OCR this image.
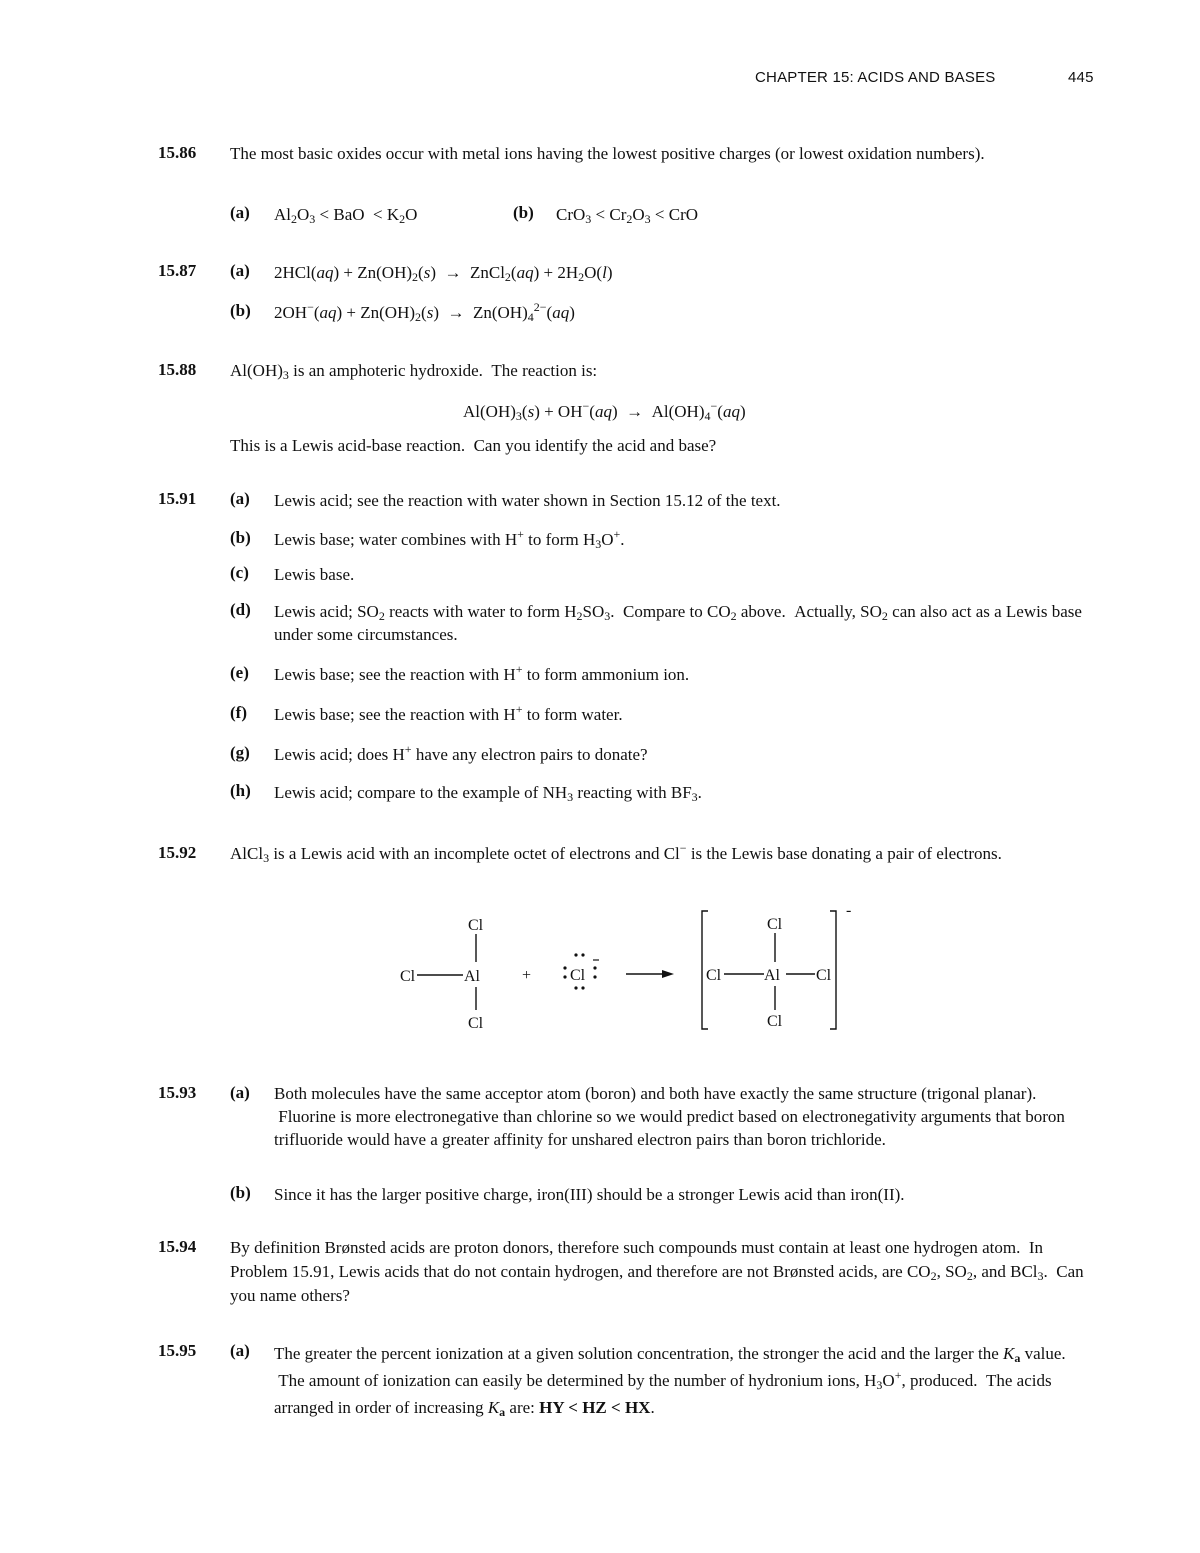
CHAPTER 15: ACIDS AND BASES	445
15.86 The most basic oxides occur with metal ions having the lowest positive charges (or lowest oxidation numbers).
(a) $Al_2O_3$ < BaO  < $K_2O$	(b) $CrO_3 < Cr_2O_3$ < CrO
15.87 (a) $2HCl(aq) + Zn(OH)_2(s)$  →  ZnCl$_2$(aq) + $2H_2O(l)$
(b) $2OH^-(aq) + Zn(OH)_2(s) \to Zn(OH)_4^{2-}(aq)$
15.88 $Al(OH)_3$ is an amphoteric hydroxide.  The reaction is:
$Al(OH)_3(s) + OH^-(aq) \to Al(OH)_4^-(aq)$
This is a Lewis acid-base reaction.  Can you identify the acid and base?
15.91 (a) Lewis acid; see the reaction with water shown in Section 15.12 of the text.
(b) Lewis base; water combines with H+ to form $H_3O^+$.
(c) Lewis base.
(d) Lewis acid; $SO_2$ reacts with water to form $H_2SO_3$.  Compare to $CO_2$ above.  Actually, $SO_2$ can also act as a Lewis base under some circumstances.
(e) Lewis base; see the reaction with H+ to form ammonium ion.
(f) Lewis base; see the reaction with H+ to form water.
(g) Lewis acid; does H+ have any electron pairs to donate?
(h) Lewis acid; compare to the example of $NH_3$ reacting with $BF_3$.
15.92 AlCl$_3$ is a Lewis acid with an incomplete octet of electrons and Cl− is the Lewis base donating a pair of electrons.
Cl
Cl	Al
Cl
+ Cl
Cl
Cl	Al Cl
Cl
-
15.93 (a) Both molecules have the same acceptor atom (boron) and both have exactly the same structure (trigonal planar).  Fluorine is more electronegative than chlorine so we would predict based on electronegativity arguments that boron trifluoride would have a greater affinity for unshared electron pairs than boron trichloride.
(b) Since it has the larger positive charge, iron(III) should be a stronger Lewis acid than iron(II).
15.94 By definition Brønsted acids are proton donors, therefore such compounds must contain at least one hydrogen atom.  In Problem 15.91, Lewis acids that do not contain hydrogen, and therefore are not Brønsted acids, are $CO_2$, $SO_2$, and BCl$_3$.  Can you name others?
15.95 (a) The greater the percent ionization at a given solution concentration, the stronger the acid and the larger the $K_a$ value.  The amount of ionization can easily be determined by the number of hydronium ions, $H_3O^+$, produced.  The acids arranged in order of increasing $K_a$ are: HY < HZ < HX.
